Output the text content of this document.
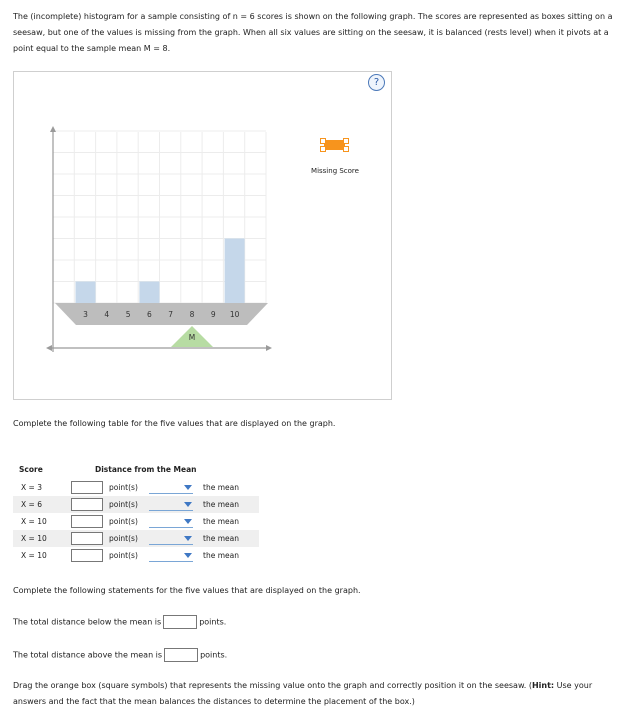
The (incomplete) histogram for a sample consisting of n = 6 scores is shown on the following graph. The scores are represented as boxes sitting on a seesaw, but one of the values is missing from the graph. When all six values are sitting on the seesaw, it is balanced (rests level) when it pivots at a point equal to the sample mean M = 8.
3 4 5 6 7 8 9 10
M
?
Missing Score
Complete the following table for the five values that are displayed on the graph.
Score	Distance from the Mean			
X = 3		point(s)		the mean
X = 6		point(s)		the mean
X = 10		point(s)		the mean
X = 10		point(s)		the mean
X = 10		point(s)		the mean
Complete the following statements for the five values that are displayed on the graph.
The total distance below the mean is	points.
The total distance above the mean is	points.
Drag the orange box (square symbols) that represents the missing value onto the graph and correctly position it on the seesaw. (Hint: Use your answers and the fact that the mean balances the distances to determine the placement of the box.)
